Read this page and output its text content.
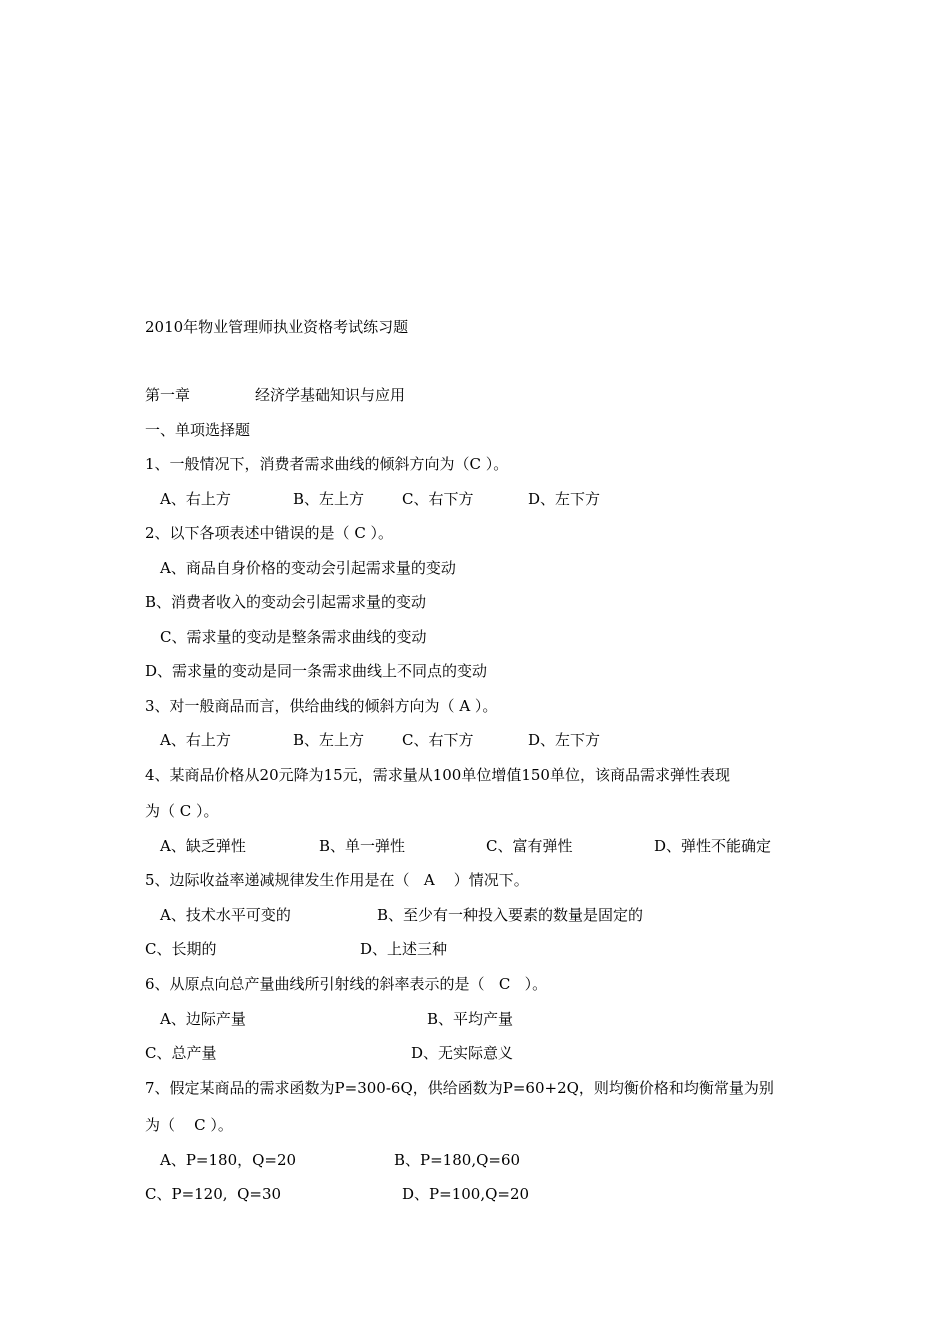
2010年物业管理师执业资格考试练习题
第一章	经济学基础知识与应用
一、单项选择题
1、一般情况下，消费者需求曲线的倾斜方向为（C ）。
A、右上方	B、左上方	C、右下方	D、左下方
2、以下各项表述中错误的是（ C ）。
A、商品自身价格的变动会引起需求量的变动
B、消费者收入的变动会引起需求量的变动
C、需求量的变动是整条需求曲线的变动
D、需求量的变动是同一条需求曲线上不同点的变动
3、对一般商品而言，供给曲线的倾斜方向为（ A ）。
A、右上方	B、左上方	C、右下方	D、左下方
4、某商品价格从20元降为15元，需求量从100单位增值150单位，该商品需求弹性表现
为（ C ）。
A、缺乏弹性	B、单一弹性	C、富有弹性	D、弹性不能确定
5、边际收益率递减规律发生作用是在（   A    ）情况下。
A、技术水平可变的	B、至少有一种投入要素的数量是固定的
C、长期的	D、上述三种
6、从原点向总产量曲线所引射线的斜率表示的是（   C   ）。
A、边际产量	B、平均产量
C、总产量	D、无实际意义
7、假定某商品的需求函数为P=300-6Q，供给函数为P=60+2Q，则均衡价格和均衡常量为别
为（    C ）。
A、P=180，Q=20	B、P=180,Q=60
C、P=120,  Q=30	D、P=100,Q=20
